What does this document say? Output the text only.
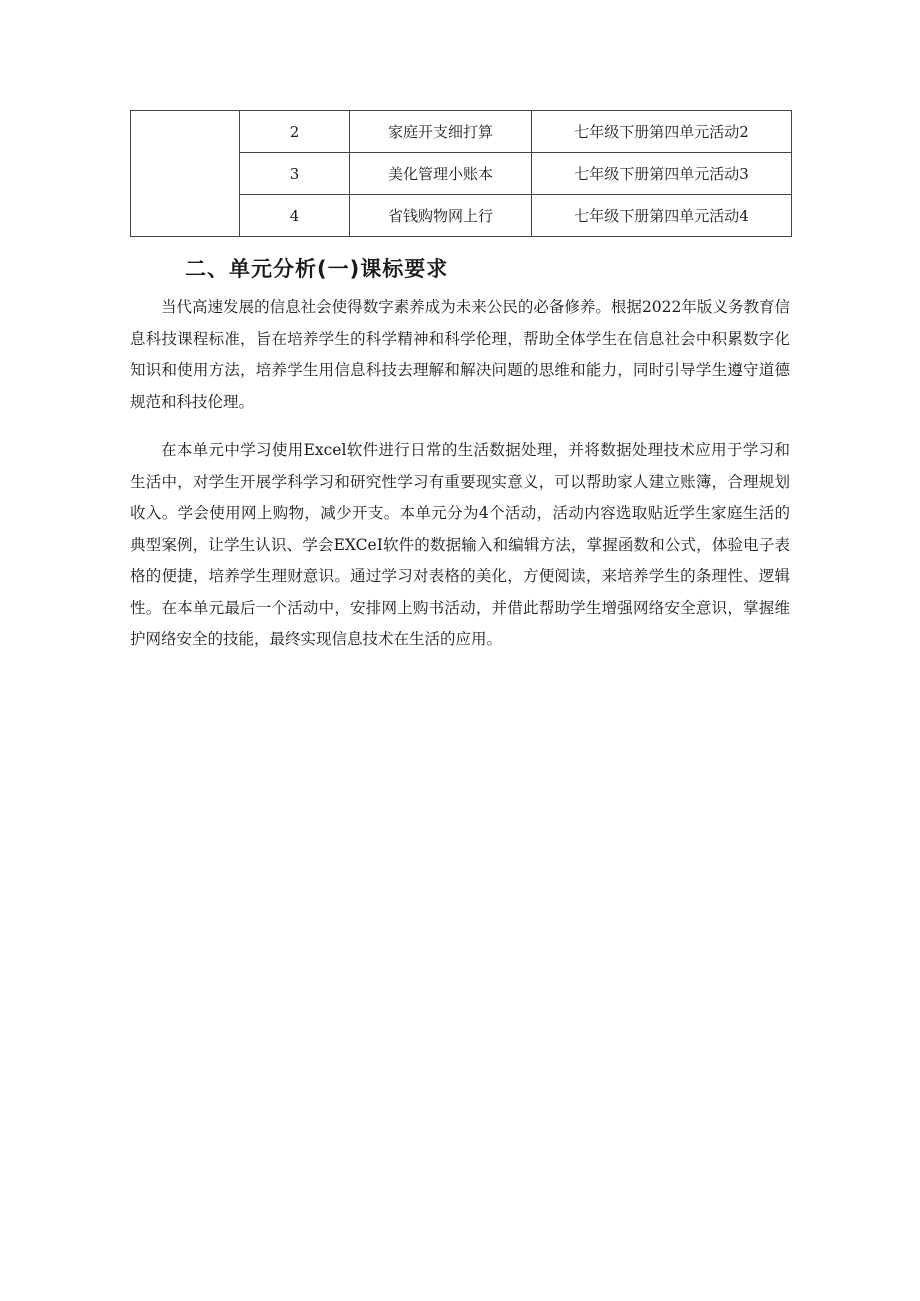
	2	家庭开支细打算	七年级下册第四单元活动2
	3	美化管理小账本	七年级下册第四单元活动3
	4	省钱购物网上行	七年级下册第四单元活动4
二、单元分析(一)课标要求

当代高速发展的信息社会使得数字素养成为未来公民的必备修养。根据2022年版义务教育信息科技课程标准，旨在培养学生的科学精神和科学伦理，帮助全体学生在信息社会中积累数字化知识和使用方法，培养学生用信息科技去理解和解决问题的思维和能力，同时引导学生遵守道德规范和科技伦理。

在本单元中学习使用Excel软件进行日常的生活数据处理，并将数据处理技术应用于学习和生活中，对学生开展学科学习和研究性学习有重要现实意义，可以帮助家人建立账簿，合理规划收入。学会使用网上购物，减少开支。本单元分为4个活动，活动内容选取贴近学生家庭生活的典型案例，让学生认识、学会EXCeI软件的数据输入和编辑方法，掌握函数和公式，体验电子表格的便捷，培养学生理财意识。通过学习对表格的美化，方便阅读，来培养学生的条理性、逻辑性。在本单元最后一个活动中，安排网上购书活动，并借此帮助学生增强网络安全意识，掌握维护网络安全的技能，最终实现信息技术在生活的应用。
